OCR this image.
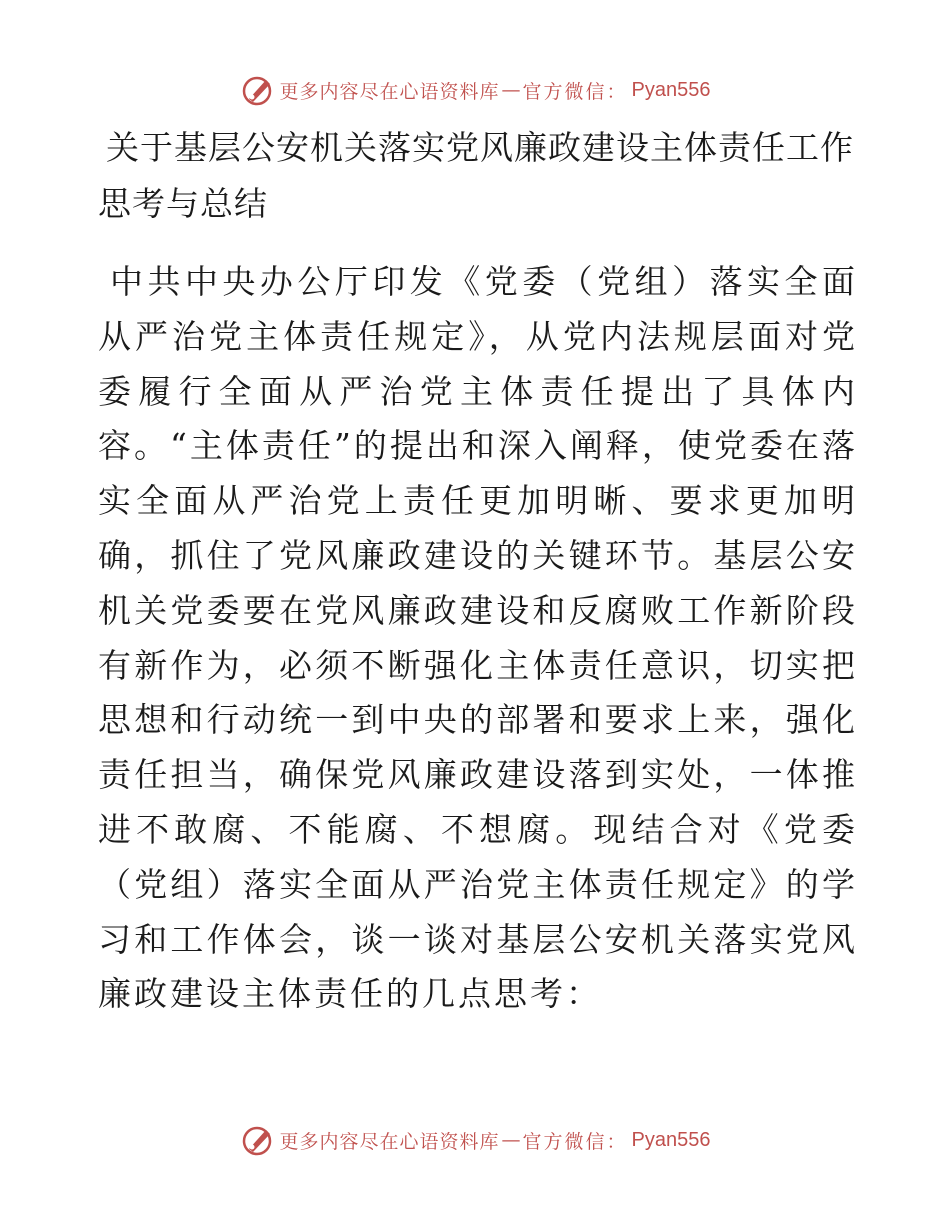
更多内容尽在心语资料库 — 官方微信： Pyan556
关于基层公安机关落实党风廉政建设主体责任工作思考与总结

中共中央办公厅印发《党委（党组）落实全面从严治党主体责任规定》，从党内法规层面对党委履行全面从严治党主体责任提出了具体内容。“主体责任”的提出和深入阐释，使党委在落实全面从严治党上责任更加明晰、要求更加明确，抓住了党风廉政建设的关键环节。基层公安机关党委要在党风廉政建设和反腐败工作新阶段有新作为，必须不断强化主体责任意识，切实把思想和行动统一到中央的部署和要求上来，强化责任担当，确保党风廉政建设落到实处，一体推进不敢腐、不能腐、不想腐。现结合对《党委（党组）落实全面从严治党主体责任规定》的学习和工作体会，谈一谈对基层公安机关落实党风廉政建设主体责任的几点思考：

更多内容尽在心语资料库 — 官方微信： Pyan556
